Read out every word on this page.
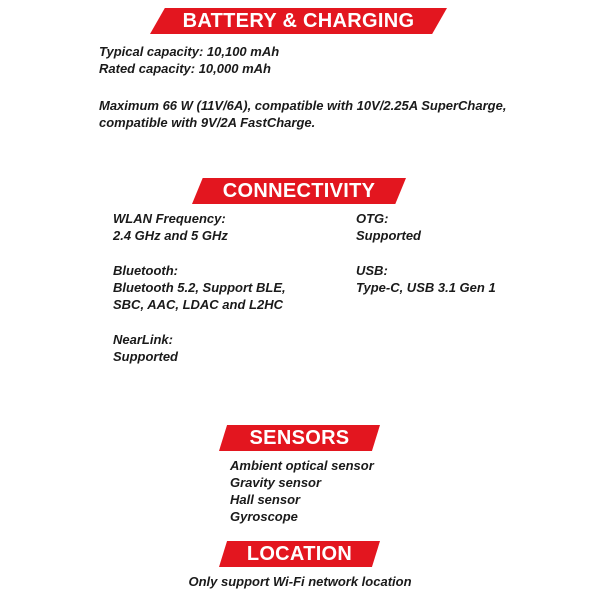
BATTERY & CHARGING
Typical capacity: 10,100 mAh
Rated capacity: 10,000 mAh
Maximum 66 W (11V/6A), compatible with 10V/2.25A SuperCharge,
compatible with 9V/2A FastCharge.
CONNECTIVITY
WLAN Frequency:
2.4 GHz and 5 GHz
Bluetooth:
Bluetooth 5.2, Support BLE,
SBC, AAC, LDAC and L2HC
NearLink:
Supported
OTG:
Supported
USB:
Type-C, USB 3.1 Gen 1
SENSORS
Ambient optical sensor
Gravity sensor
Hall sensor
Gyroscope
LOCATION
Only support Wi-Fi network location
